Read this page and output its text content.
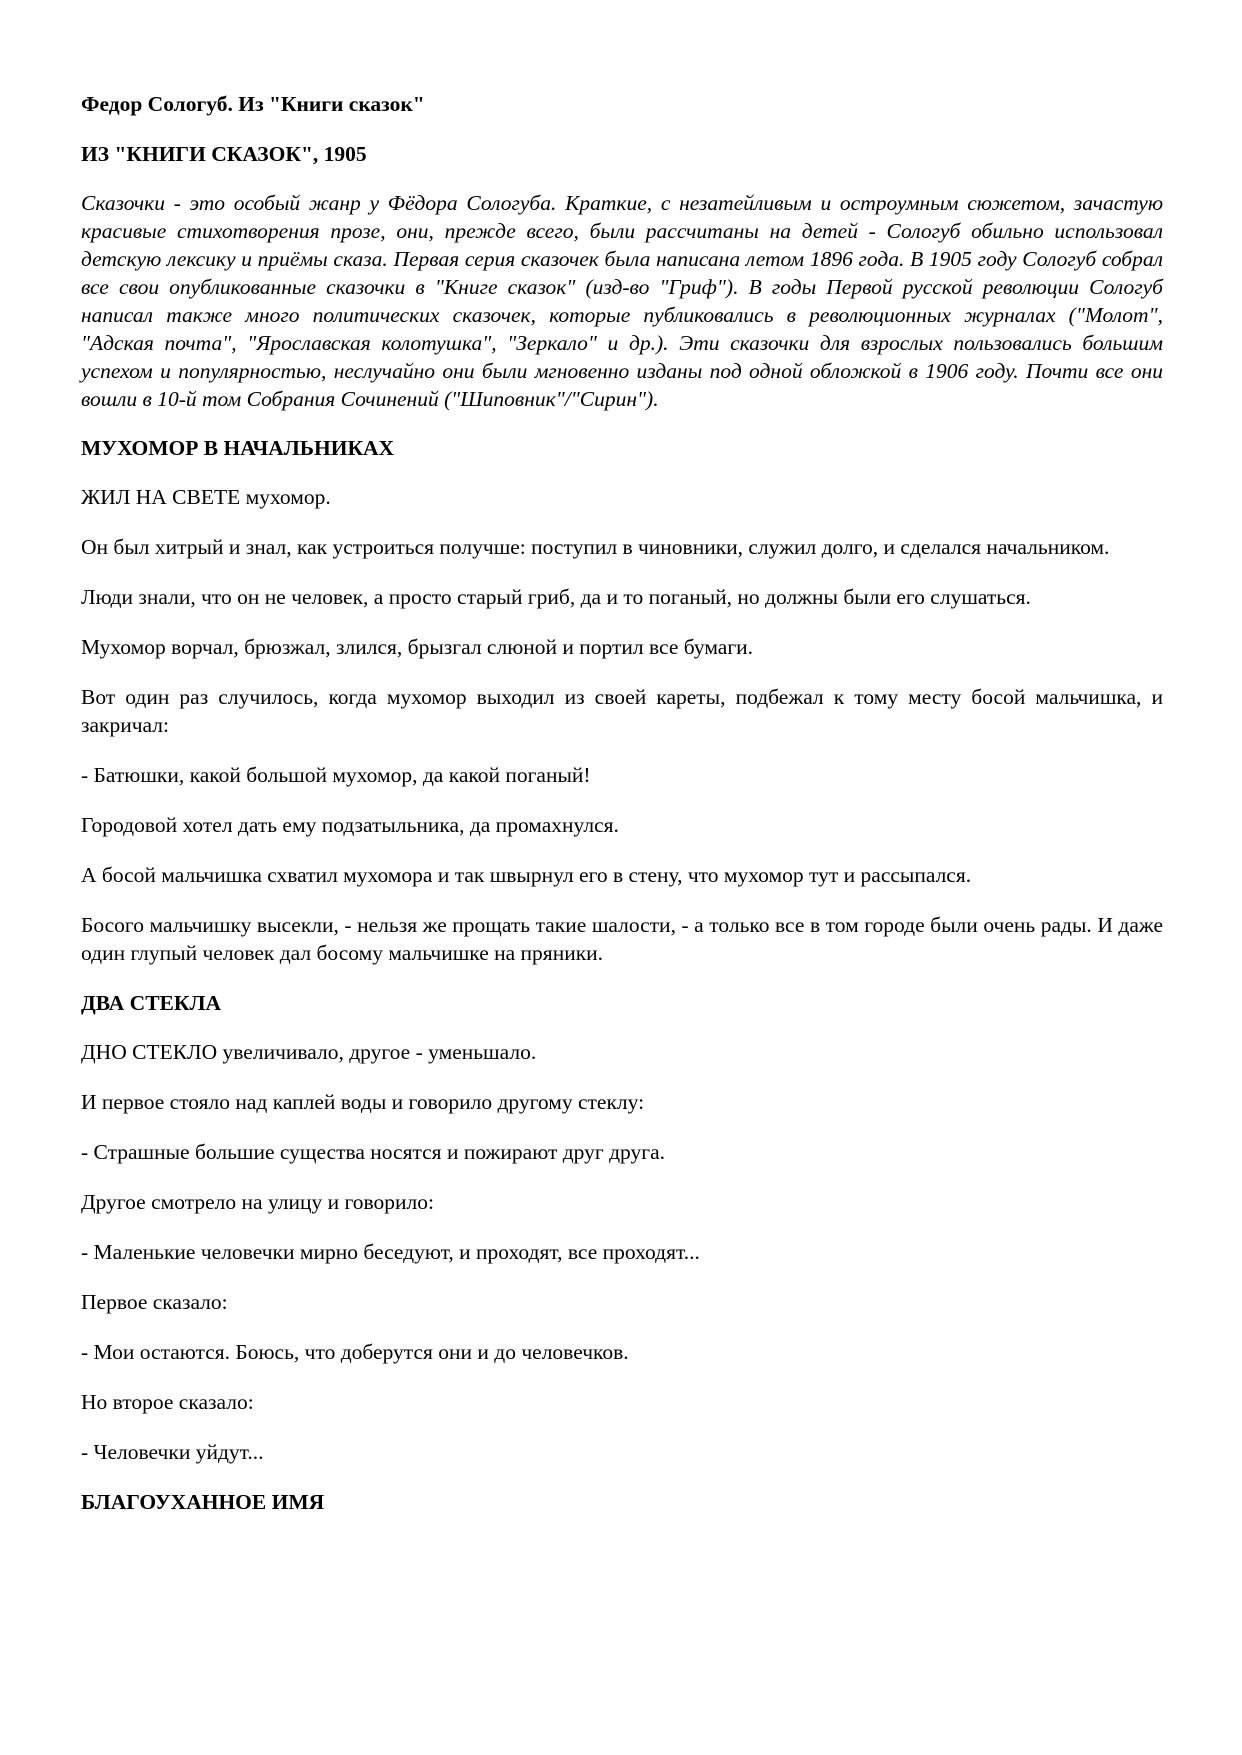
Федор Сологуб. Из "Книги сказок"
ИЗ "КНИГИ СКАЗОК", 1905

Сказочки - это особый жанр у Фёдора Сологуба. Краткие, с незатейливым и остроумным сюжетом, зачастую красивые стихотворения прозе, они, прежде всего, были рассчитаны на детей - Сологуб обильно использовал детскую лексику и приёмы сказа. Первая серия сказочек была написана летом 1896 года. В 1905 году Сологуб собрал все свои опубликованные сказочки в "Книге сказок" (изд-во "Гриф"). В годы Первой русской революции Сологуб написал также много политических сказочек, которые публиковались в революционных журналах ("Молот", "Адская почта", "Ярославская колотушка", "Зеркало" и др.). Эти сказочки для взрослых пользовались большим успехом и популярностью, неслучайно они были мгновенно изданы под одной обложкой в 1906 году. Почти все они вошли в 10-й том Собрания Сочинений ("Шиповник"/"Сирин").

МУХОМОР В НАЧАЛЬНИКАХ

ЖИЛ НА СВЕТЕ мухомор.

Он был хитрый и знал, как устроиться получше: поступил в чиновники, служил долго, и сделался начальником.

Люди знали, что он не человек, а просто старый гриб, да и то поганый, но должны были его слушаться.

Мухомор ворчал, брюзжал, злился, брызгал слюной и портил все бумаги.

Вот один раз случилось, когда мухомор выходил из своей кареты, подбежал к тому месту босой мальчишка, и закричал:

- Батюшки, какой большой мухомор, да какой поганый!

Городовой хотел дать ему подзатыльника, да промахнулся.

А босой мальчишка схватил мухомора и так швырнул его в стену, что мухомор тут и рассыпался.

Босого мальчишку высекли, - нельзя же прощать такие шалости, - а только все в том городе были очень рады. И даже один глупый человек дал босому мальчишке на пряники.

ДВА СТЕКЛА

ДНО СТЕКЛО увеличивало, другое - уменьшало.

И первое стояло над каплей воды и говорило другому стеклу:

- Страшные большие существа носятся и пожирают друг друга.

Другое смотрело на улицу и говорило:

- Маленькие человечки мирно беседуют, и проходят, все проходят...

Первое сказало:

- Мои остаются. Боюсь, что доберутся они и до человечков.

Но второе сказало:

- Человечки уйдут...

БЛАГОУХАННОЕ ИМЯ
